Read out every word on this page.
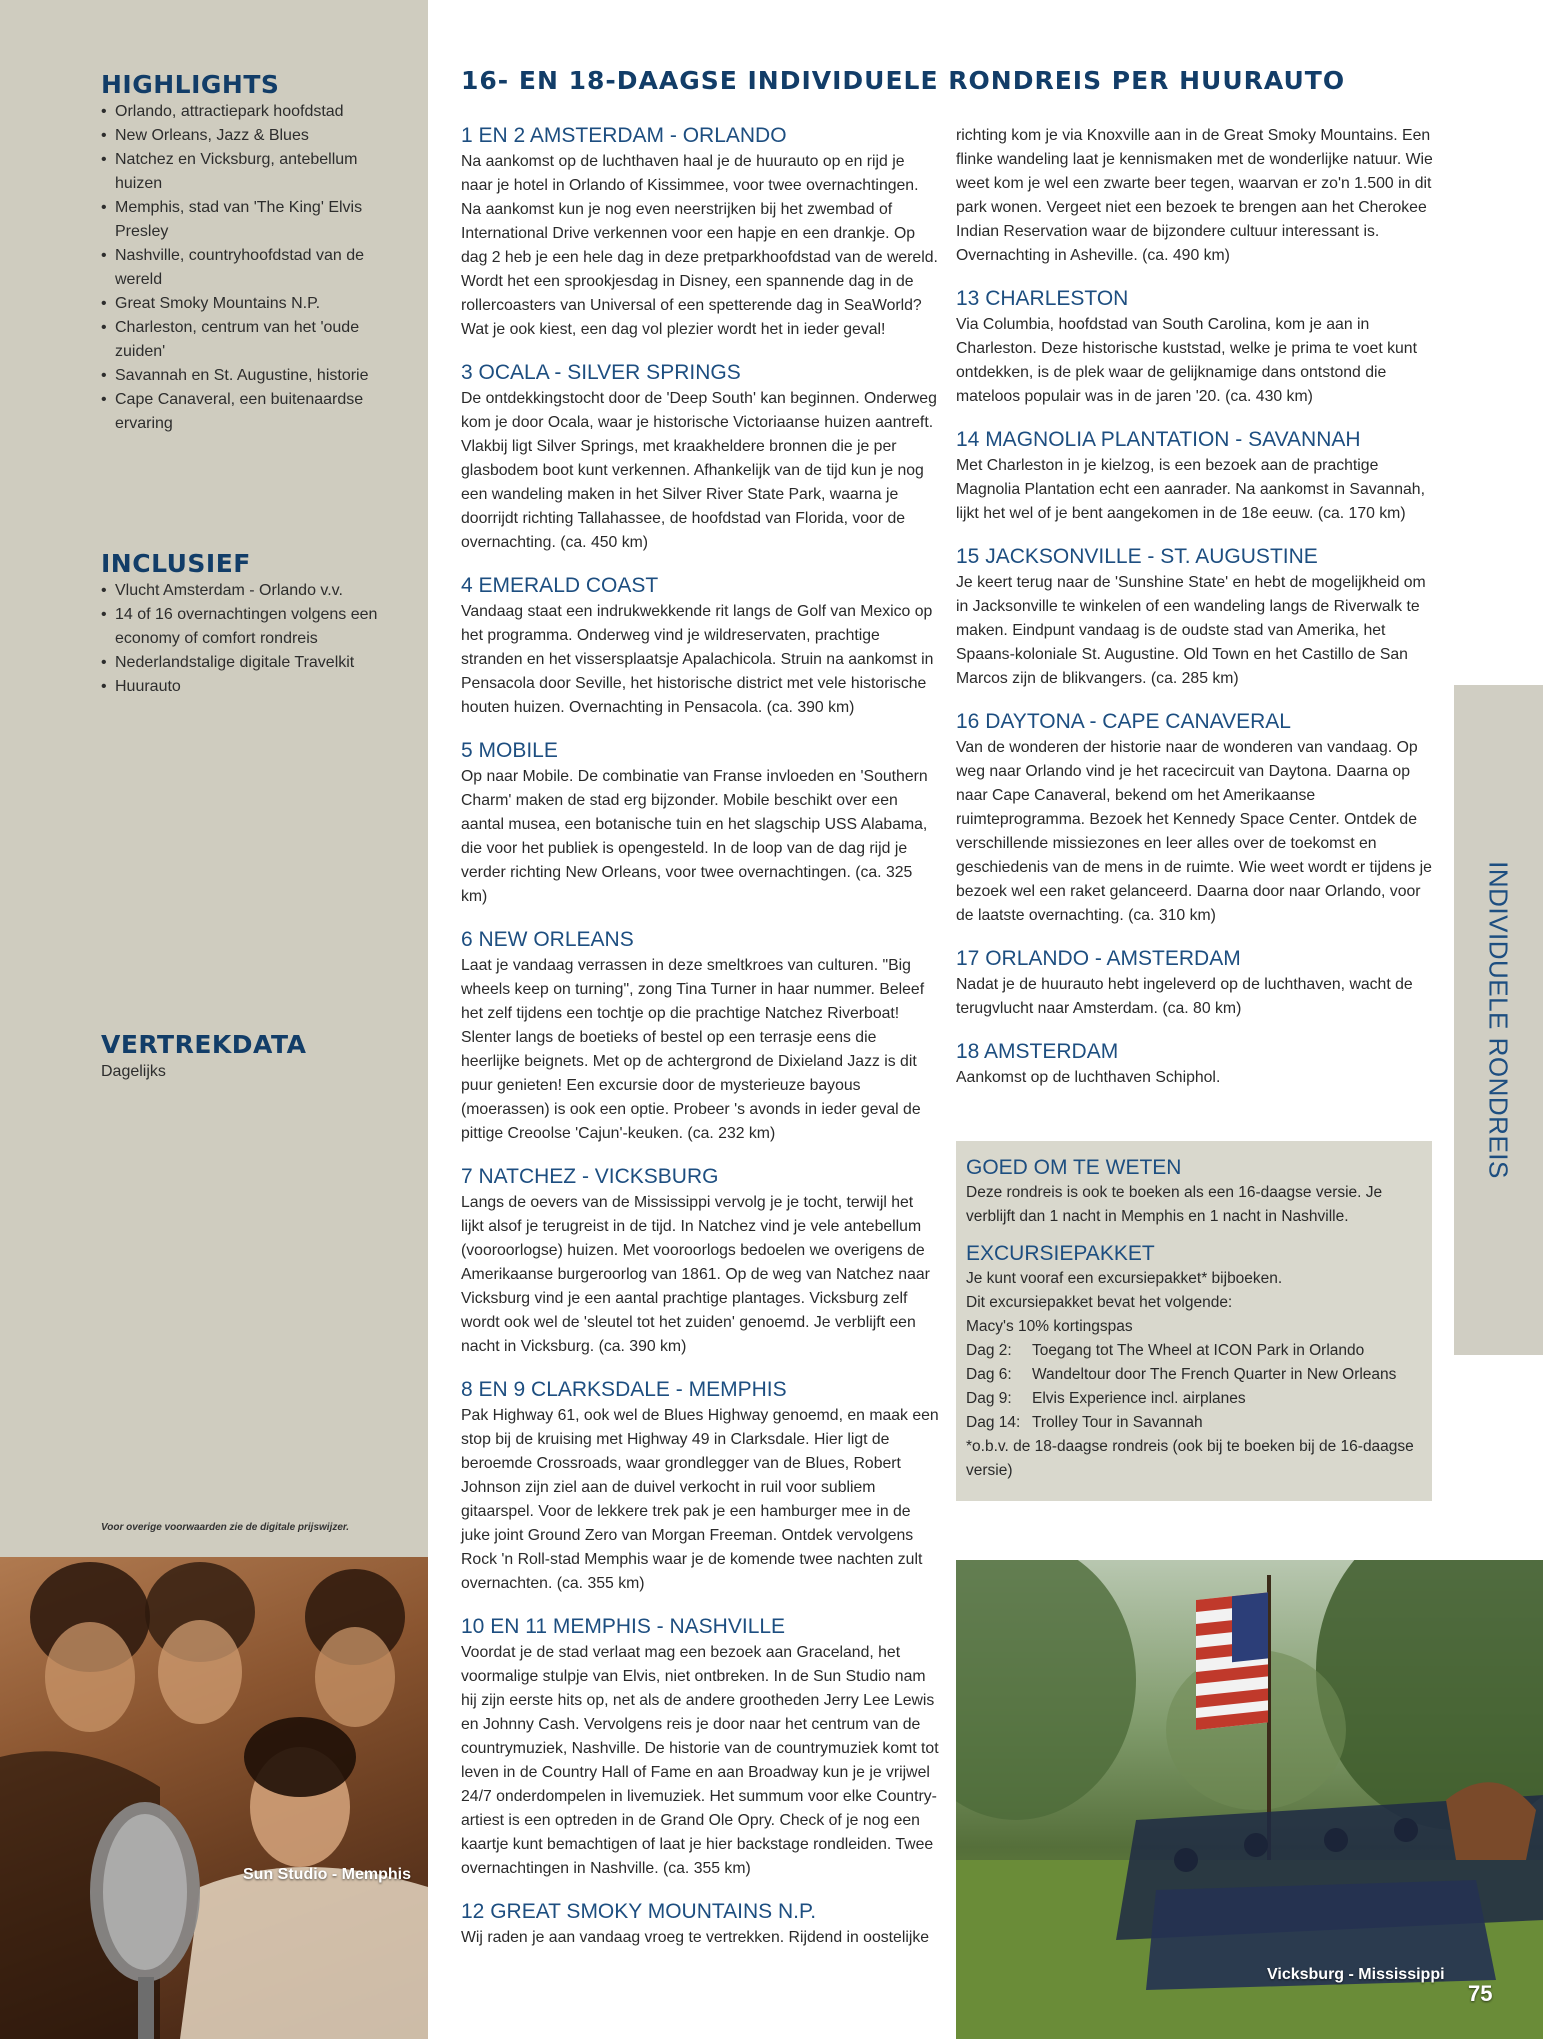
HIGHLIGHTS
• Orlando, attractiepark hoofdstad
• New Orleans, Jazz & Blues
• Natchez en Vicksburg, antebellum huizen
• Memphis, stad van 'The King' Elvis Presley
• Nashville, countryhoofdstad van de wereld
• Great Smoky Mountains N.P.
• Charleston, centrum van het 'oude zuiden'
• Savannah en St. Augustine, historie
• Cape Canaveral, een buitenaardse ervaring
INCLUSIEF
• Vlucht Amsterdam - Orlando v.v.
• 14 of 16 overnachtingen volgens een economy of comfort rondreis
• Nederlandstalige digitale Travelkit
• Huurauto
VERTREKDATA
Dagelijks
Voor overige voorwaarden zie de digitale prijswijzer.
Sun Studio - Memphis
Vicksburg - Mississippi
16- EN 18-DAAGSE INDIVIDUELE RONDREIS PER HUURAUTO
1 EN 2 AMSTERDAM - ORLANDO
Na aankomst op de luchthaven haal je de huurauto op en rijd je naar je hotel in Orlando of Kissimmee, voor twee overnachtingen. Na aankomst kun je nog even neerstrijken bij het zwembad of International Drive verkennen voor een hapje en een drankje. Op dag 2 heb je een hele dag in deze pretparkhoofdstad van de wereld. Wordt het een sprookjesdag in Disney, een spannende dag in de rollercoasters van Universal of een spetterende dag in SeaWorld? Wat je ook kiest, een dag vol plezier wordt het in ieder geval!
3 OCALA - SILVER SPRINGS
De ontdekkingstocht door de 'Deep South' kan beginnen. Onderweg kom je door Ocala, waar je historische Victoriaanse huizen aantreft. Vlakbij ligt Silver Springs, met kraakheldere bronnen die je per glasbodem boot kunt verkennen. Afhankelijk van de tijd kun je nog een wandeling maken in het Silver River State Park, waarna je doorrijdt richting Tallahassee, de hoofdstad van Florida, voor de overnachting. (ca. 450 km)
4 EMERALD COAST
Vandaag staat een indrukwekkende rit langs de Golf van Mexico op het programma. Onderweg vind je wildreservaten, prachtige stranden en het vissersplaatsje Apalachicola. Struin na aankomst in Pensacola door Seville, het historische district met vele historische houten huizen. Overnachting in Pensacola. (ca. 390 km)
5 MOBILE
Op naar Mobile. De combinatie van Franse invloeden en 'Southern Charm' maken de stad erg bijzonder. Mobile beschikt over een aantal musea, een botanische tuin en het slagschip USS Alabama, die voor het publiek is opengesteld. In de loop van de dag rijd je verder richting New Orleans, voor twee overnachtingen. (ca. 325 km)
6 NEW ORLEANS
Laat je vandaag verrassen in deze smeltkroes van culturen. "Big wheels keep on turning", zong Tina Turner in haar nummer. Beleef het zelf tijdens een tochtje op die prachtige Natchez Riverboat! Slenter langs de boetieks of bestel op een terrasje eens die heerlijke beignets. Met op de achtergrond de Dixieland Jazz is dit puur genieten! Een excursie door de mysterieuze bayous (moerassen) is ook een optie. Probeer 's avonds in ieder geval de pittige Creoolse 'Cajun'-keuken. (ca. 232 km)
7 NATCHEZ - VICKSBURG
Langs de oevers van de Mississippi vervolg je je tocht, terwijl het lijkt alsof je terugreist in de tijd. In Natchez vind je vele antebellum (vooroorlogse) huizen. Met vooroorlogs bedoelen we overigens de Amerikaanse burgeroorlog van 1861. Op de weg van Natchez naar Vicksburg vind je een aantal prachtige plantages. Vicksburg zelf wordt ook wel de 'sleutel tot het zuiden' genoemd. Je verblijft een nacht in Vicksburg. (ca. 390 km)
8 EN 9 CLARKSDALE - MEMPHIS
Pak Highway 61, ook wel de Blues Highway genoemd, en maak een stop bij de kruising met Highway 49 in Clarksdale. Hier ligt de beroemde Crossroads, waar grondlegger van de Blues, Robert Johnson zijn ziel aan de duivel verkocht in ruil voor subliem gitaarspel. Voor de lekkere trek pak je een hamburger mee in de juke joint Ground Zero van Morgan Freeman. Ontdek vervolgens Rock 'n Roll-stad Memphis waar je de komende twee nachten zult overnachten. (ca. 355 km)
10 EN 11 MEMPHIS - NASHVILLE
Voordat je de stad verlaat mag een bezoek aan Graceland, het voormalige stulpje van Elvis, niet ontbreken. In de Sun Studio nam hij zijn eerste hits op, net als de andere grootheden Jerry Lee Lewis en Johnny Cash. Vervolgens reis je door naar het centrum van de countrymuziek, Nashville. De historie van de countrymuziek komt tot leven in de Country Hall of Fame en aan Broadway kun je je vrijwel 24/7 onderdompelen in livemuziek. Het summum voor elke Country-artiest is een optreden in de Grand Ole Opry. Check of je nog een kaartje kunt bemachtigen of laat je hier backstage rondleiden. Twee overnachtingen in Nashville. (ca. 355 km)
12 GREAT SMOKY MOUNTAINS N.P.
Wij raden je aan vandaag vroeg te vertrekken. Rijdend in oostelijke
richting kom je via Knoxville aan in de Great Smoky Mountains. Een flinke wandeling laat je kennismaken met de wonderlijke natuur. Wie weet kom je wel een zwarte beer tegen, waarvan er zo'n 1.500 in dit park wonen. Vergeet niet een bezoek te brengen aan het Cherokee Indian Reservation waar de bijzondere cultuur interessant is. Overnachting in Asheville. (ca. 490 km)
13 CHARLESTON
Via Columbia, hoofdstad van South Carolina, kom je aan in Charleston. Deze historische kuststad, welke je prima te voet kunt ontdekken, is de plek waar de gelijknamige dans ontstond die mateloos populair was in de jaren '20. (ca. 430 km)
14 MAGNOLIA PLANTATION - SAVANNAH
Met Charleston in je kielzog, is een bezoek aan de prachtige Magnolia Plantation echt een aanrader. Na aankomst in Savannah, lijkt het wel of je bent aangekomen in de 18e eeuw. (ca. 170 km)
15 JACKSONVILLE - ST. AUGUSTINE
Je keert terug naar de 'Sunshine State' en hebt de mogelijkheid om in Jacksonville te winkelen of een wandeling langs de Riverwalk te maken. Eindpunt vandaag is de oudste stad van Amerika, het Spaans-koloniale St. Augustine. Old Town en het Castillo de San Marcos zijn de blikvangers. (ca. 285 km)
16 DAYTONA - CAPE CANAVERAL
Van de wonderen der historie naar de wonderen van vandaag. Op weg naar Orlando vind je het racecircuit van Daytona. Daarna op naar Cape Canaveral, bekend om het Amerikaanse ruimteprogramma. Bezoek het Kennedy Space Center. Ontdek de verschillende missiezones en leer alles over de toekomst en geschiedenis van de mens in de ruimte. Wie weet wordt er tijdens je bezoek wel een raket gelanceerd. Daarna door naar Orlando, voor de laatste overnachting. (ca. 310 km)
17 ORLANDO - AMSTERDAM
Nadat je de huurauto hebt ingeleverd op de luchthaven, wacht de terugvlucht naar Amsterdam. (ca. 80 km)
18 AMSTERDAM
Aankomst op de luchthaven Schiphol.
GOED OM TE WETEN
Deze rondreis is ook te boeken als een 16-daagse versie. Je verblijft dan 1 nacht in Memphis en 1 nacht in Nashville.
EXCURSIEPAKKET
Je kunt vooraf een excursiepakket* bijboeken.
Dit excursiepakket bevat het volgende:
Macy's 10% kortingspas
Dag 2:	Toegang tot The Wheel at ICON Park in Orlando
Dag 6:	Wandeltour door The French Quarter in New Orleans
Dag 9:	Elvis Experience incl. airplanes
Dag 14: Trolley Tour in Savannah
*o.b.v. de 18-daagse rondreis (ook bij te boeken bij de 16-daagse versie)
INDIVIDUELE RONDREIS
75
